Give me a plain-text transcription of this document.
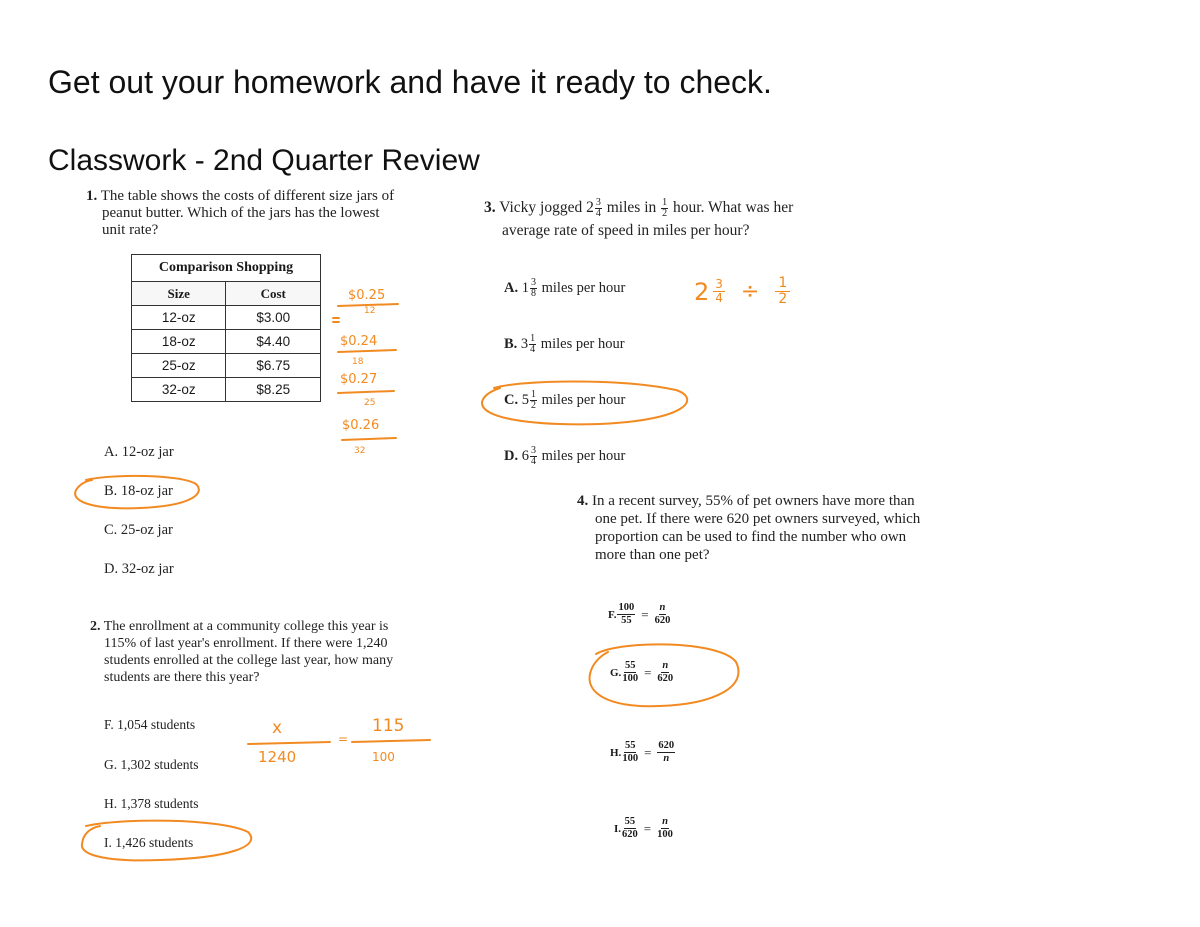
Get out your homework and have it ready to check.
Classwork - 2nd Quarter Review
1. The table shows the costs of different size jars of
peanut butter. Which of the jars has the lowest
unit rate?
Comparison Shopping	
Size	Cost
12-oz	$3.00
18-oz	$4.40
25-oz	$6.75
32-oz	$8.25
$0.25
12
$0.24
18
$0.27
25
$0.26
32
A. 12-oz jar
B. 18-oz jar
C. 25-oz jar
D. 32-oz jar
2. The enrollment at a community college this year is
115% of last year's enrollment. If there were 1,240
students enrolled at the college last year, how many
students are there this year?
F. 1,054 students
G. 1,302 students
H. 1,378 students
I. 1,426 students
x
1240
=
115
100
3. Vicky jogged $2 \frac{3}{4}$ miles in $\frac{1}{2}$ hour. What was her
average rate of speed in miles per hour?
A. $1 \frac{3}{8}$ miles per hour
B. $3 \frac{1}{4}$ miles per hour
C. $5 \frac{1}{2}$ miles per hour
D. $6 \frac{3}{4}$ miles per hour
$2 \frac{3}{4} \div \frac{1}{2}$
4. In a recent survey, 55% of pet owners have more than
one pet. If there were 620 pet owners surveyed, which
proportion can be used to find the number who own
more than one pet?
F. $\frac{100}{55} = \frac{n}{620}$
G. $\frac{55}{100} = \frac{n}{620}$
H. $\frac{55}{100} = \frac{620}{n}$
I. $\frac{55}{620} = \frac{n}{100}$
